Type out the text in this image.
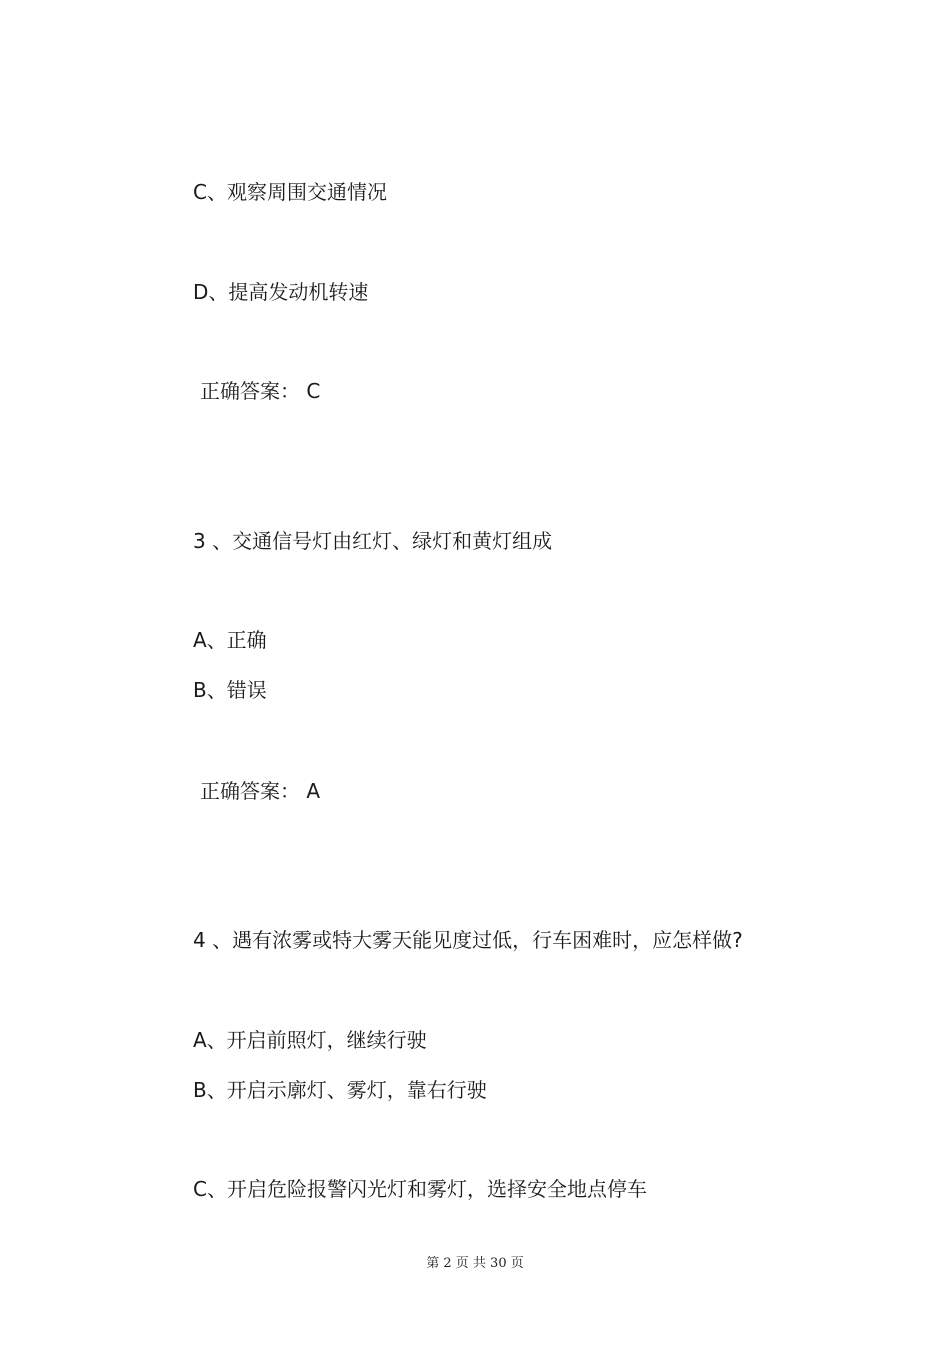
C、观察周围交通情况
D、提高发动机转速
正确答案： C
3 、交通信号灯由红灯、绿灯和黄灯组成
A、正确
B、错误
正确答案： A
4 、遇有浓雾或特大雾天能见度过低，行车困难时，应怎样做?
A、开启前照灯，继续行驶
B、开启示廓灯、雾灯，靠右行驶
C、开启危险报警闪光灯和雾灯，选择安全地点停车
第 2 页 共 30 页
